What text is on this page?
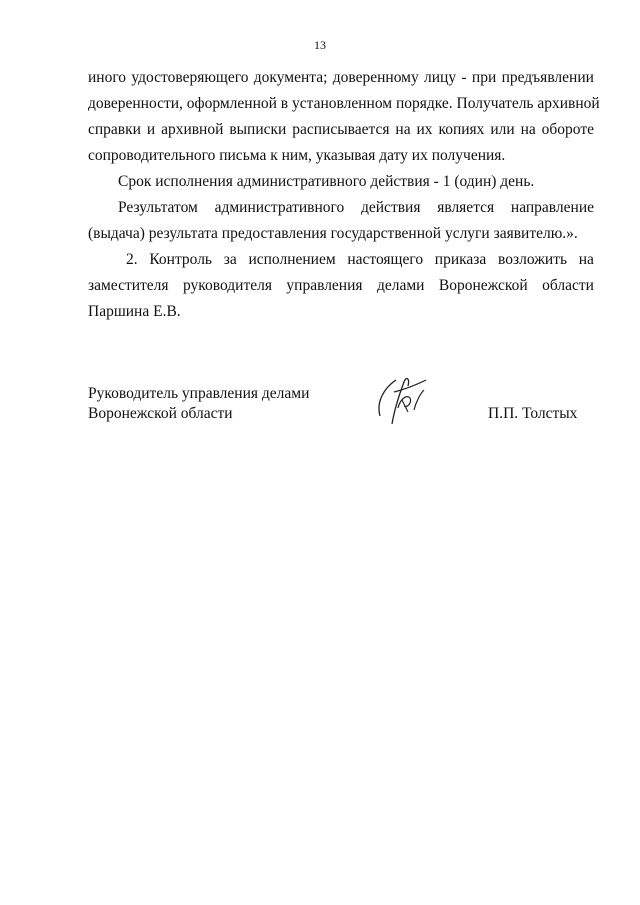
13
иного удостоверяющего документа; доверенному лицу - при предъявлении
доверенности, оформленной в установленном порядке. Получатель архивной
справки и архивной выписки расписывается на их копиях или на обороте
сопроводительного письма к ним, указывая дату их получения.
Срок исполнения административного действия - 1 (один) день.
Результатом административного действия является направление
(выдача) результата предоставления государственной услуги заявителю.».
2. Контроль за исполнением настоящего приказа возложить на
заместителя руководителя управления делами Воронежской области
Паршина Е.В.
Руководитель управления делами
Воронежской области	П.П. Толстых
